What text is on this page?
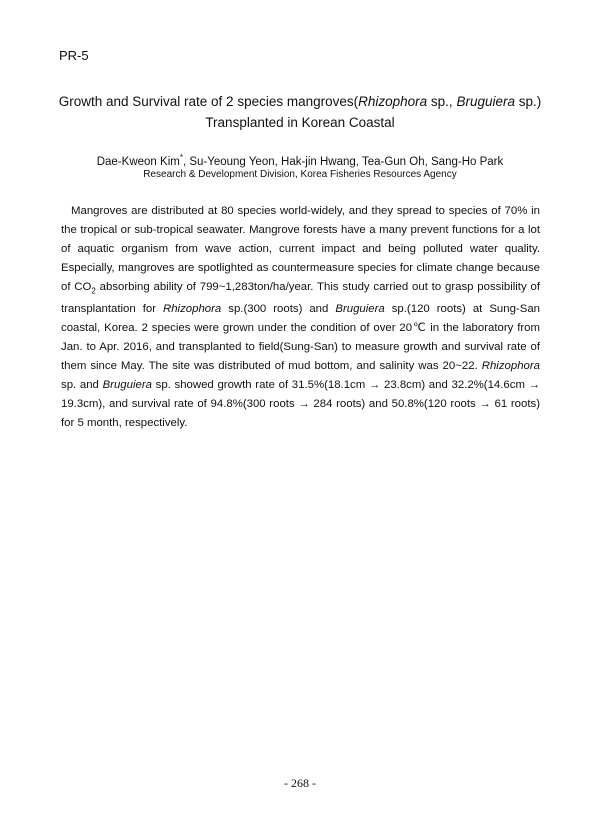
PR-5
Growth and Survival rate of 2 species mangroves(Rhizophora sp., Bruguiera sp.)
Transplanted in Korean Coastal
Dae-Kweon Kim*, Su-Yeoung Yeon, Hak-jin Hwang, Tea-Gun Oh, Sang-Ho Park
Research & Development Division, Korea Fisheries Resources Agency
Mangroves are distributed at 80 species world-widely, and they spread to species of 70% in the tropical or sub-tropical seawater. Mangrove forests have a many prevent functions for a lot of aquatic organism from wave action, current impact and being polluted water quality. Especially, mangroves are spotlighted as countermeasure species for climate change because of $CO_2$ absorbing ability of 799~1,283ton/ha/year. This study carried out to grasp possibility of transplantation for Rhizophora sp.(300 roots) and Bruguiera sp.(120 roots) at Sung-San coastal, Korea. 2 species were grown under the condition of over 20℃ in the laboratory from Jan. to Apr. 2016, and transplanted to field(Sung-San) to measure growth and survival rate of them since May. The site was distributed of mud bottom, and salinity was 20~22. Rhizophora sp. and Bruguiera sp. showed growth rate of 31.5%(18.1cm → 23.8cm) and 32.2%(14.6cm → 19.3cm), and survival rate of 94.8%(300 roots → 284 roots) and 50.8%(120 roots → 61 roots) for 5 month, respectively.
- 268 -
